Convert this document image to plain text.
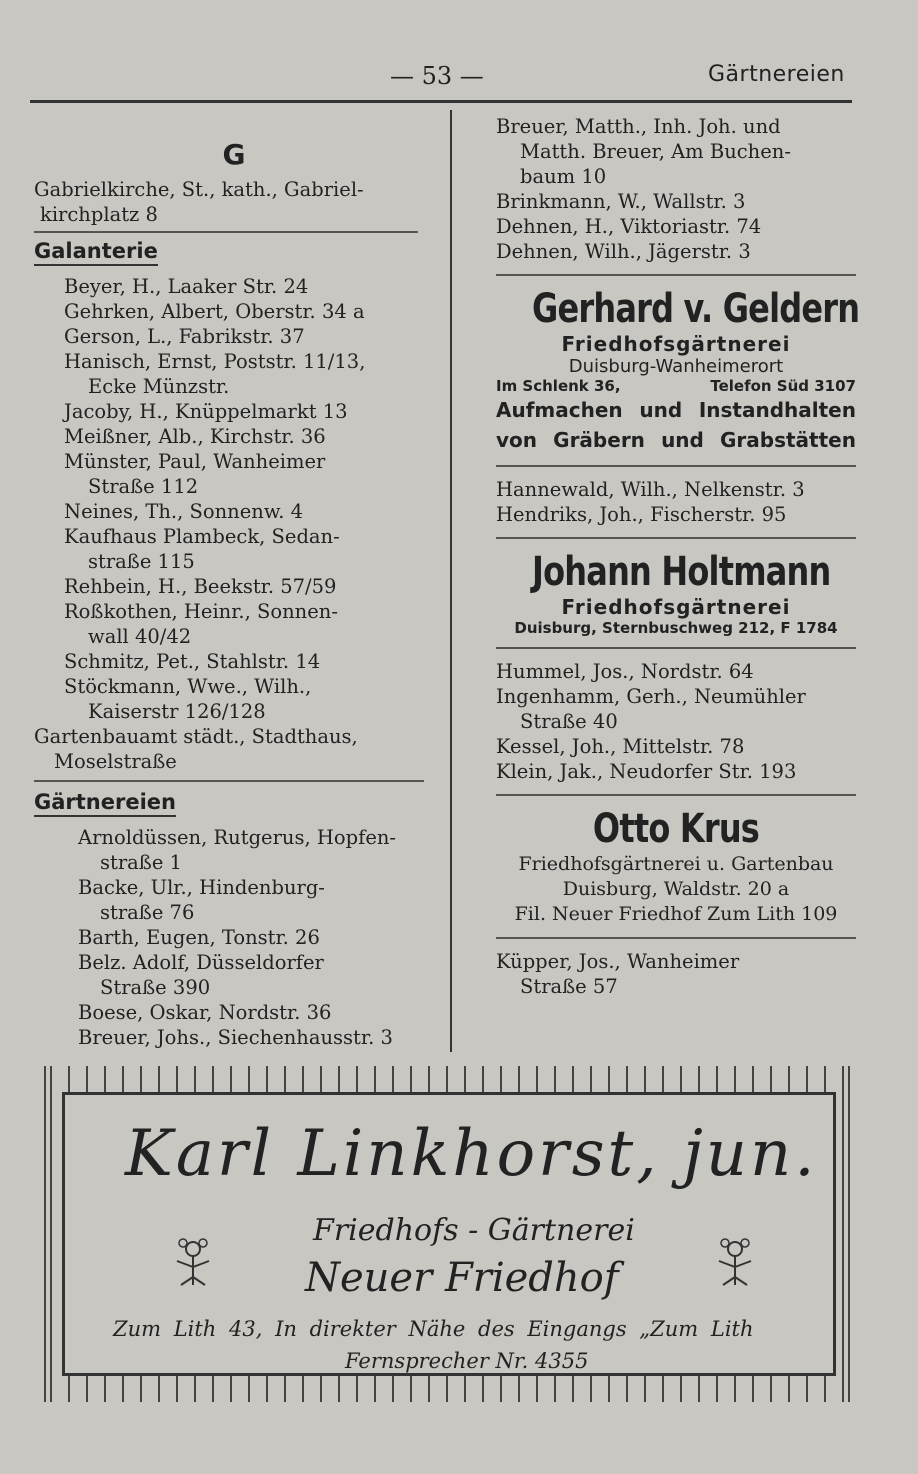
— 53 —	Gärtnereien
G
Gabrielkirche, St., kath., Gabriel-
kirchplatz 8
Galanterie
Beyer, H., Laaker Str. 24
Gehrken, Albert, Oberstr. 34 a
Gerson, L., Fabrikstr. 37
Hanisch, Ernst, Poststr. 11/13,
Ecke Münzstr.
Jacoby, H., Knüppelmarkt 13
Meißner, Alb., Kirchstr. 36
Münster, Paul, Wanheimer
Straße 112
Neines, Th., Sonnenw. 4
Kaufhaus Plambeck, Sedan-
straße 115
Rehbein, H., Beekstr. 57/59
Roßkothen, Heinr., Sonnen-
wall 40/42
Schmitz, Pet., Stahlstr. 14
Stöckmann, Wwe., Wilh.,
Kaiserstr 126/128
Gartenbauamt städt., Stadthaus,
Moselstraße
Gärtnereien
Arnoldüssen, Rutgerus, Hopfen-
straße 1
Backe, Ulr., Hindenburg-
straße 76
Barth, Eugen, Tonstr. 26
Belz. Adolf, Düsseldorfer
Straße 390
Boese, Oskar, Nordstr. 36
Breuer, Johs., Siechenhausstr. 3
Breuer, Matth., Inh. Joh. und
Matth. Breuer, Am Buchen-
baum 10
Brinkmann, W., Wallstr. 3
Dehnen, H., Viktoriastr. 74
Dehnen, Wilh., Jägerstr. 3
Gerhard v. Geldern
Friedhofsgärtnerei
Duisburg-Wanheimerort
Im Schlenk 36,	Telefon Süd 3107
Aufmachen und Instandhalten
von Gräbern und Grabstätten
Hannewald, Wilh., Nelkenstr. 3
Hendriks, Joh., Fischerstr. 95
Johann Holtmann
Friedhofsgärtnerei
Duisburg, Sternbuschweg 212, F 1784
Hummel, Jos., Nordstr. 64
Ingenhamm, Gerh., Neumühler
Straße 40
Kessel, Joh., Mittelstr. 78
Klein, Jak., Neudorfer Str. 193
Otto Krus
Friedhofsgärtnerei u. Gartenbau
Duisburg, Waldstr. 20 a
Fil. Neuer Friedhof Zum Lith 109
Küpper, Jos., Wanheimer
Straße 57
Karl Linkhorst, jun.
Friedhofs - Gärtnerei
Neuer Friedhof
Zum Lith 43, In direkter Nähe des Eingangs „Zum Lith
Fernsprecher Nr. 4355
